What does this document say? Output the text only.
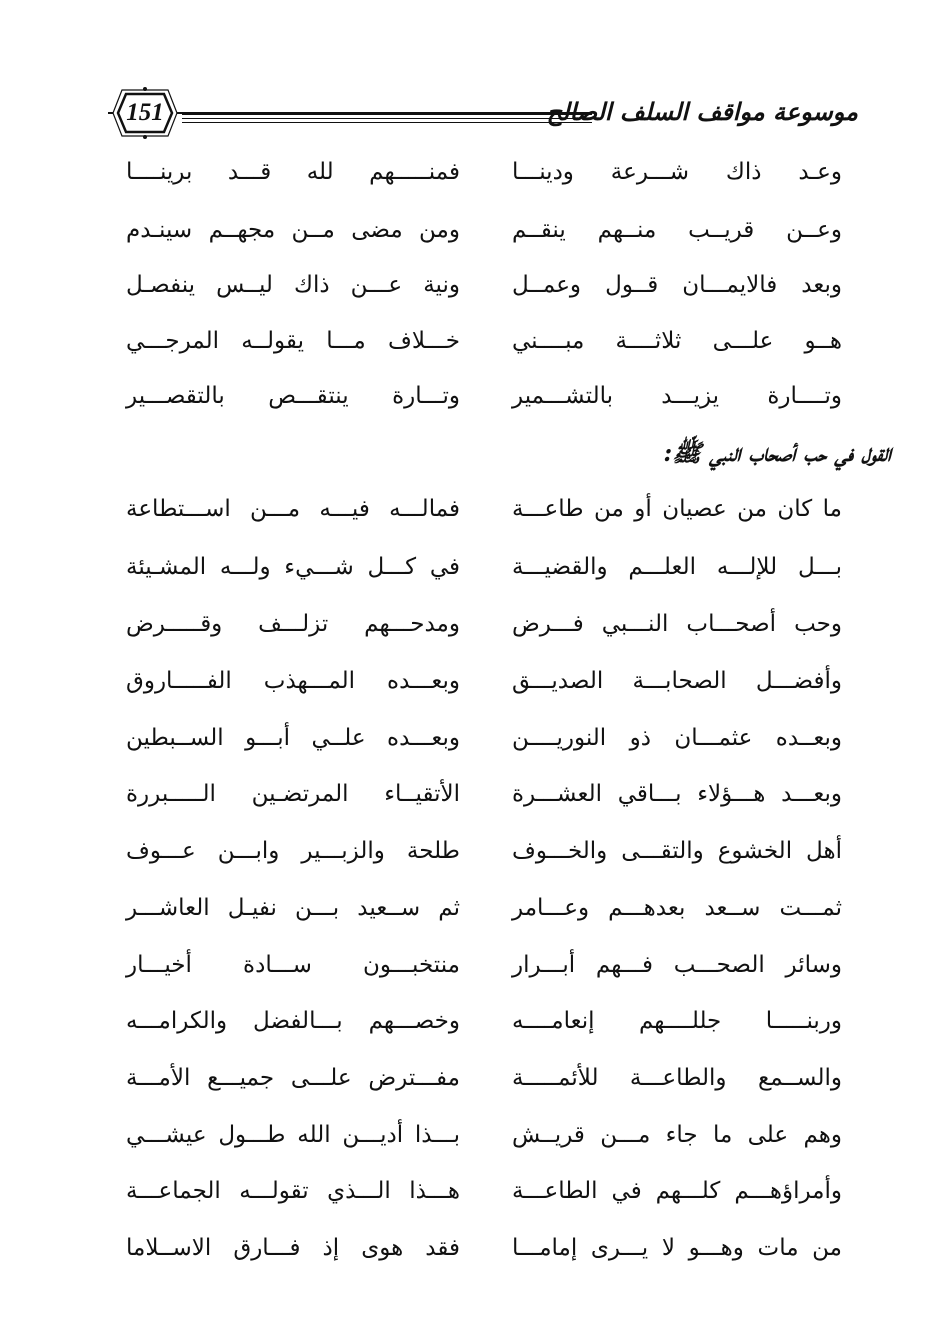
151	موسوعة مواقف السلف الصالح
وعـد ذاك شـــرعة ودينـــا
فمنـــــهم لله قـــد برينــــا
وعــن قريــب منــهم ينقــم
ومن مضى مــن مجهــم سينـدم
وبعد فالايمـــان قــول وعمــل
ونية عـــن ذاك ليــس ينفصـل
هــو علـــى ثلاثــــة مبــــني
خـــلاف مـــا يقولــه المرجـــي
وتــــارة يزيـــد بالتشـــمير
وتـــارة ينتقـــص بالتقصـــير
القول في حب أصحاب النبي ﷺ:
ما كان من عصيان أو من طاعـــة
فمالـــه فيـــه مـــن اســـتطاعة
بـــل للإلـــه العلـــم والقضيـــة
في كـــل شـــيء ولـــه المشـيئة
وحب أصحـــاب النـــبي فـــرض
ومدحـــهم تزلـــف وقـــــرض
وأفضـــل الصحابـــة الصديـــق
وبعـــده المـــهذب الفـــــاروق
وبعــده عثمـــان ذو النوريــــن
وبعـــده علــي أبـــو الســبطين
وبعـــد هـــؤلاء بـــاقي العشـــرة
الأتقيــاء المرتضـين الـــــبررة
أهل الخشوع والتقـــى والخـــوف
طلحة والزبـــير وابـــن عـــوف
ثمـــت ســعد بعدهـــم وعـــامر
ثم ســعيد بـــن نفيـل العاشـــر
وسائر الصحـــب فـــهم أبـــرار
منتخبـــون ســـادة أخيـــار
وربنـــــا جللــــهم إنعامــــه
وخصـــهم بـــالفضل والكرامـــه
والســمع والطاعـــة للأئمـــــة
مفـــترض علـــى جميـــع الأمـــة
وهم على ما جاء مـــن قريــش
بـــذا أديـــن الله طـــول عيشـــي
وأمراؤهـــم كلـــهم في الطاعـــة
هـــذا الـــذي تقولـــه الجماعـــة
من مات وهـــو لا يـــرى إمامـــا
فقد هوى إذ فـــارق الاســلاما
